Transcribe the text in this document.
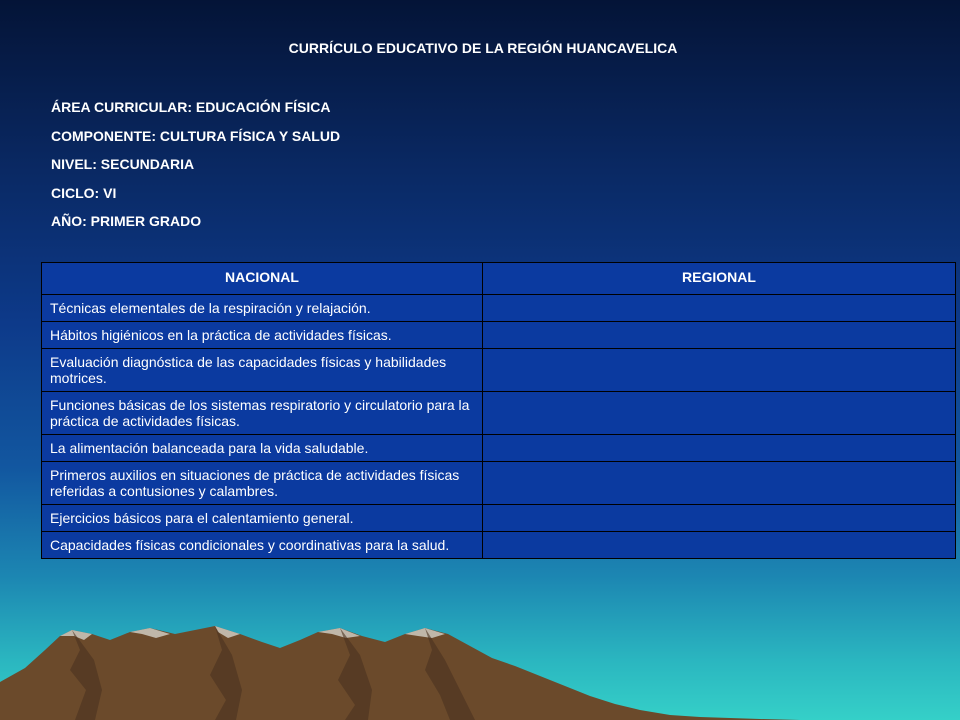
CURRÍCULO EDUCATIVO DE LA REGIÓN HUANCAVELICA
ÁREA CURRICULAR: EDUCACIÓN FÍSICA
COMPONENTE: CULTURA FÍSICA Y SALUD
NIVEL: SECUNDARIA
CICLO: VI
AÑO: PRIMER GRADO
NACIONAL	REGIONAL
Técnicas elementales de la respiración y relajación.	
Hábitos higiénicos en la práctica de actividades físicas.	
Evaluación diagnóstica de las capacidades físicas y habilidades motrices.	
Funciones básicas de los sistemas respiratorio y circulatorio para la práctica de actividades físicas.	
La alimentación balanceada para la vida saludable.	
Primeros auxilios en situaciones de práctica de actividades físicas referidas a contusiones y calambres.	
Ejercicios básicos para el calentamiento general.	
Capacidades físicas condicionales y coordinativas para la salud.	
